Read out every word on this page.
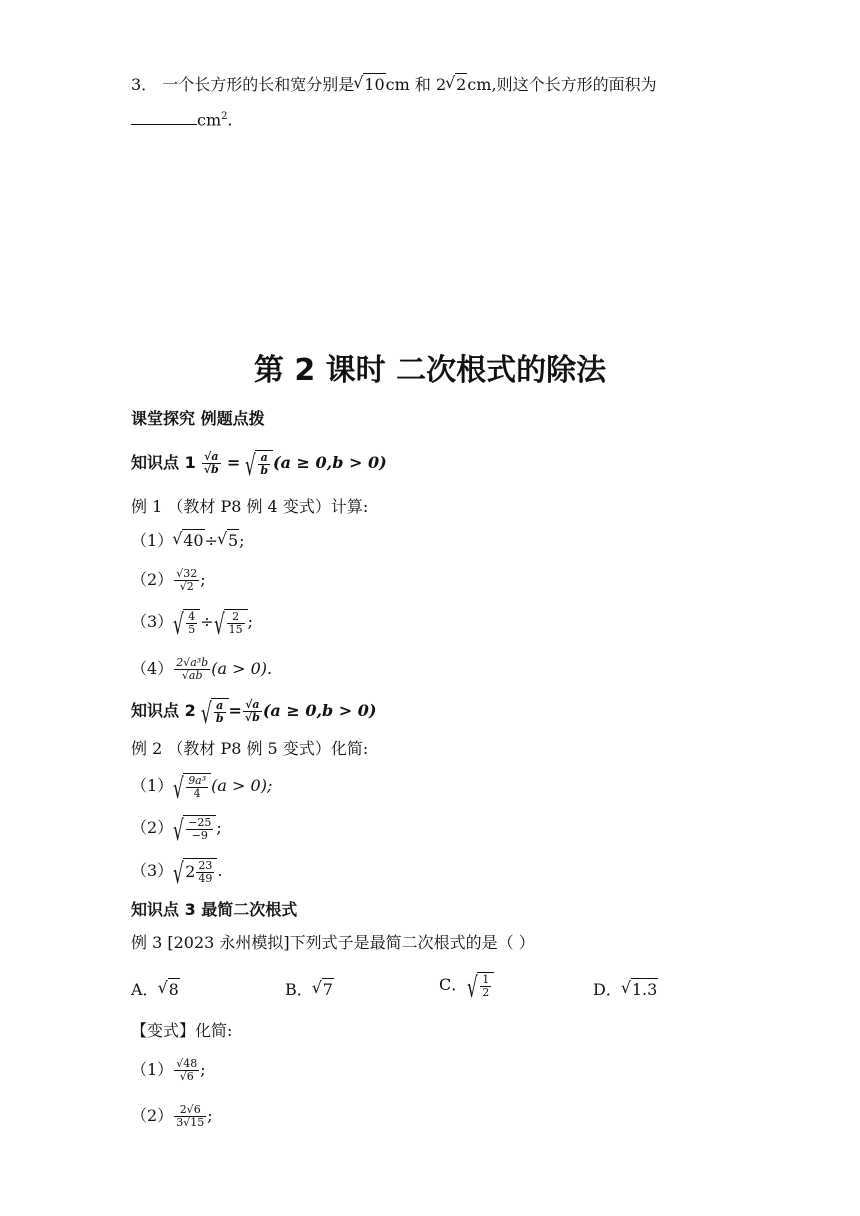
3． 一个长方形的长和宽分别是 √ 10cm 和 2 √ 2cm,则这个长方形的面积为
$cm^2$.
第 2 课时 二次根式的除法
课堂探究 例题点拨
知识点 $1 \frac{√a}{√b}$ = √ $\frac{a}{b} (a \ge 0,b > 0)$
例 1 （教材 P8 例 4 变式）计算:
（1） √ 40÷ √ 5;
$(2) \frac{√32}{√2}$ ;
（3） √ $\frac{4}{5}$ ÷ √ $\frac{2}{15}$ ;
$(4) \frac{\text{2√a³b}}{√ab} (a > 0)$.
知识点 2 √ $\frac{a}{b} = \frac{√a}{√b} (a \ge 0,b > 0)$
例 2 （教材 P8 例 5 变式）化简:
（1） √ $\frac{\text{9a³}}{4} (a > 0)$;
（2） √ $\frac{-25}{-9}$ ;
（3） √ $2 \frac{23}{49}$ .
知识点 3 最简二次根式
例 3 [2023 永州模拟]下列式子是最简二次根式的是（ ）
A． √ 8	B． √ 7	C． √ $\frac{1}{2}$	D． √ 1.3
【变式】化简:
$(1) \frac{√48}{√6}$ ;
$(2) \frac{2√6}{3√15}$ ;
